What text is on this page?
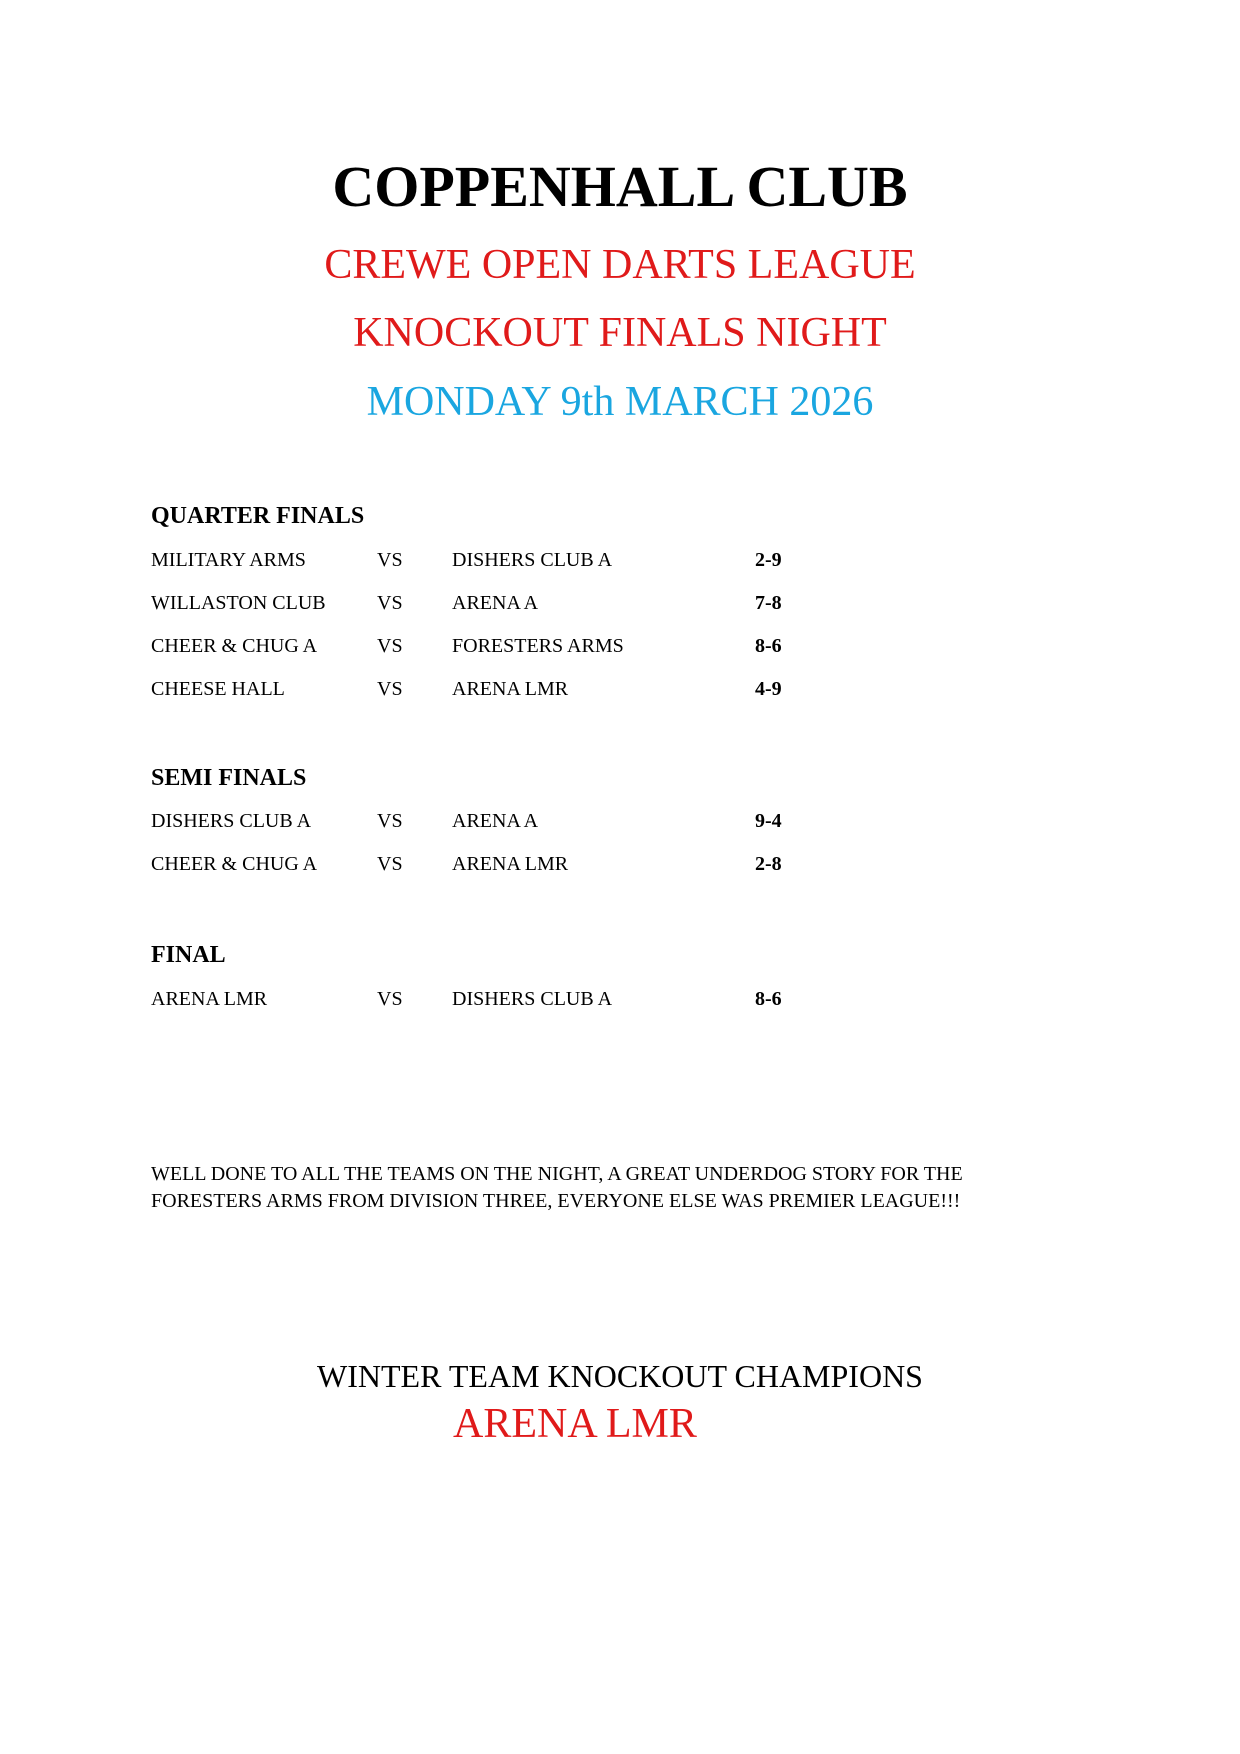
COPPENHALL CLUB
CREWE OPEN DARTS LEAGUE
KNOCKOUT FINALS NIGHT
MONDAY 9th MARCH 2026
QUARTER FINALS
MILITARY ARMS	VS DISHERS CLUB A	2-9
WILLASTON CLUB	VS ARENA A	7-8
CHEER & CHUG A	VS FORESTERS ARMS	8-6
CHEESE HALL	VS ARENA LMR	4-9
SEMI FINALS
DISHERS CLUB A	VS ARENA A	9-4
CHEER & CHUG A	VS ARENA LMR	2-8
FINAL
ARENA LMR	VS DISHERS CLUB A	8-6
WELL DONE TO ALL THE TEAMS ON THE NIGHT, A GREAT UNDERDOG STORY FOR THE
FORESTERS ARMS FROM DIVISION THREE, EVERYONE ELSE WAS PREMIER LEAGUE!!!
WINTER TEAM KNOCKOUT CHAMPIONS
ARENA LMR
